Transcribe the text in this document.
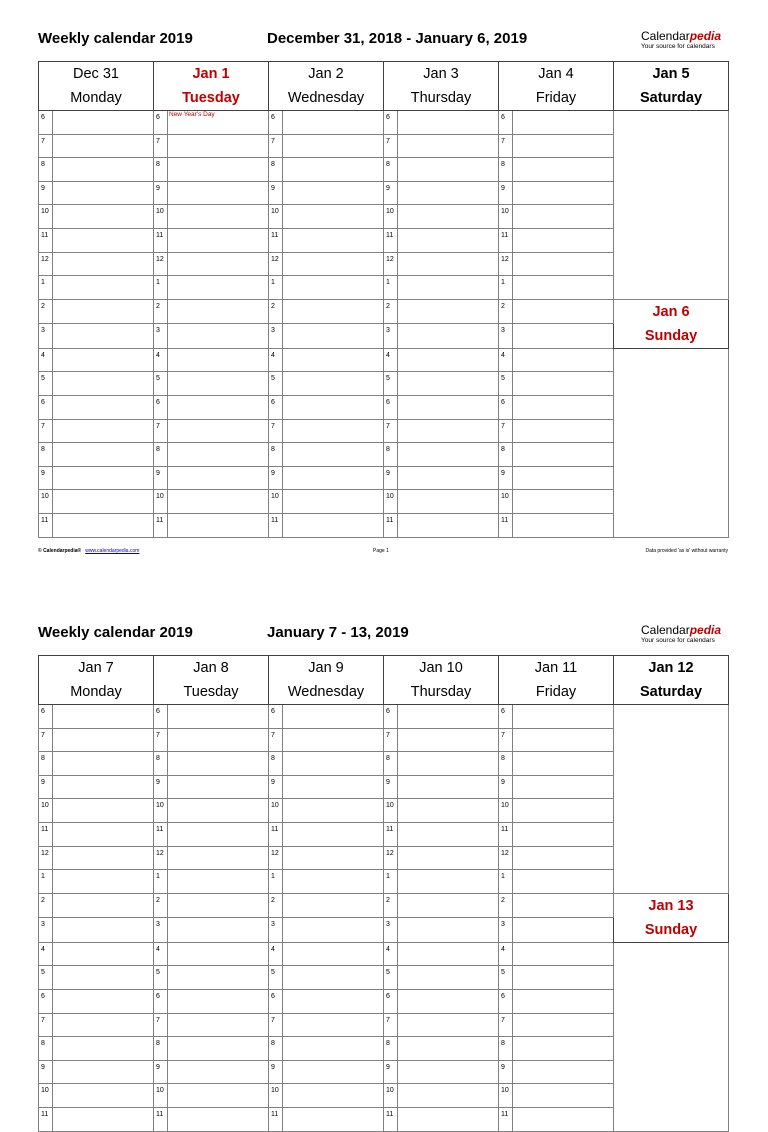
Weekly calendar 2019	December 31, 2018 - January 6, 2019	Calendarpedia
Your source for calendars
Dec 31
Monday		Jan 1
Tuesday		Jan 2
Wednesday		Jan 3
Thursday		Jan 4
Friday		Jan 5
Saturday
6		6	New Year's Day	6		6		6		
7		7		7		7		7		
8		8		8		8		8		
9		9		9		9		9		
10		10		10		10		10		
11		11		11		11		11		
12		12		12		12		12		
1		1		1		1		1		
2		2		2		2		2		Jan 6
Sunday
3		3		3		3		3		
4		4		4		4		4		
5		5		5		5		5		
6		6		6		6		6		
7		7		7		7		7		
8		8		8		8		8		
9		9		9		9		9		
10		10		10		10		10		
11		11		11		11		11		
© Calendarpedia® www.calendarpedia.com	Page 1	Data provided 'as is' without warranty
Weekly calendar 2019	January 7 - 13, 2019	Calendarpedia
Your source for calendars
Jan 7
Monday		Jan 8
Tuesday		Jan 9
Wednesday		Jan 10
Thursday		Jan 11
Friday		Jan 12
Saturday
6		6		6		6		6		
7		7		7		7		7		
8		8		8		8		8		
9		9		9		9		9		
10		10		10		10		10		
11		11		11		11		11		
12		12		12		12		12		
1		1		1		1		1		
2		2		2		2		2		Jan 13
Sunday
3		3		3		3		3		
4		4		4		4		4		
5		5		5		5		5		
6		6		6		6		6		
7		7		7		7		7		
8		8		8		8		8		
9		9		9		9		9		
10		10		10		10		10		
11		11		11		11		11		
